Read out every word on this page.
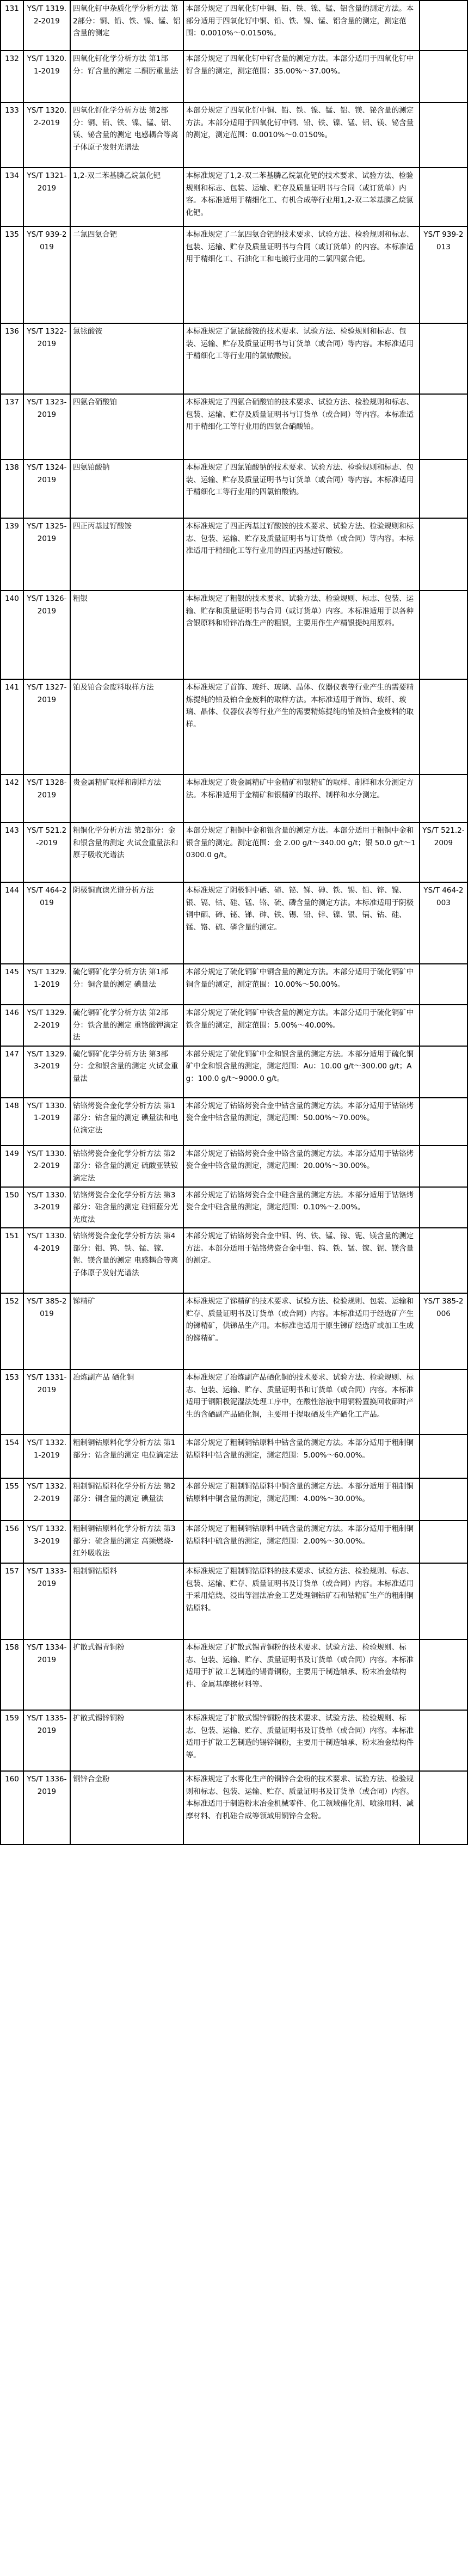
131	YS/T 1319.2-2019	四氧化钌中杂质化学分析方法 第2部分：铜、铅、铁、镍、锰、铝含量的测定	本部分规定了四氧化钌中铜、铅、铁、镍、锰、铝含量的测定方法。本部分适用于四氧化钌中铜、铅、铁、镍、锰、铝含量的测定，测定范围：0.0010%～0.0150%。	
132	YS/T 1320.1-2019	四氧化钌化学分析方法 第1部分：钌含量的测定 二酮肟重量法	本部分规定了四氧化钌中钌含量的测定方法。本部分适用于四氧化钌中钌含量的测定，测定范围：35.00%～37.00%。	
133	YS/T 1320.2-2019	四氧化钌化学分析方法 第2部分：铜、铅、铁、镍、锰、铝、镁、铋含量的测定 电感耦合等离子体原子发射光谱法	本部分规定了四氧化钌中铜、铅、铁、镍、锰、铝、镁、铋含量的测定方法。本部分适用于四氧化钌中铜、铅、铁、镍、锰、铝、镁、铋含量的测定，测定范围：0.0010%～0.0150%。	
134	YS/T 1321-2019	1,2-双二苯基膦乙烷氯化钯	本标准规定了1,2-双二苯基膦乙烷氯化钯的技术要求、试验方法、检验规则和标志、包装、运输、贮存及质量证明书与合同（或订货单）内容。本标准适用于精细化工、有机合成等行业用1,2-双二苯基膦乙烷氯化钯。	
135	YS/T 939-2019	二氯四氨合钯	本标准规定了二氯四氨合钯的技术要求、试验方法、检验规则和标志、包装、运输、贮存及质量证明书与合同（或订货单）的内容。本标准适用于精细化工、石油化工和电镀行业用的二氯四氨合钯。	YS/T 939-2013
136	YS/T 1322-2019	氯铱酸铵	本标准规定了氯铱酸铵的技术要求、试验方法、检验规则和标志、包装、运输、贮存及质量证明书与订货单（或合同）等内容。本标准适用于精细化工等行业用的氯铱酸铵。	
137	YS/T 1323-2019	四氨合硝酸铂	本标准规定了四氨合硝酸铂的技术要求、试验方法、检验规则和标志、包装、运输、贮存及质量证明书与订货单（或合同）等内容。本标准适用于精细化工等行业用的四氨合硝酸铂。	
138	YS/T 1324-2019	四氨铂酸钠	本标准规定了四氯铂酸钠的技术要求、试验方法、检验规则和标志、包装、运输、贮存及质量证明书与订货单（或合同）等内容。本标准适用于精细化工等行业用的四氯铂酸钠。	
139	YS/T 1325-2019	四正丙基过钌酸铵	本标准规定了四正丙基过钌酸铵的技术要求、试验方法、检验规则和标志、包装、运输、贮存及质量证明书与订货单（或合同）等内容。本标准适用于精细化工等行业用的四正丙基过钌酸铵。	
140	YS/T 1326-2019	粗银	本标准规定了粗银的技术要求、试验方法、检验规则、标志、包装、运输、贮存和质量证明书与合同（或订货单）内容。本标准适用于以各种含银原料和铅锌冶炼生产的粗银，主要用作生产精银提纯用原料。	
141	YS/T 1327-2019	铂及铂合金废料取样方法	本标准规定了首饰、玻纤、玻璃、晶体、仪器仪表等行业产生的需要精炼提纯的铂及铂合金废料的取样方法。本标准适用于首饰、玻纤、玻璃、晶体、仪器仪表等行业产生的需要精炼提纯的铂及铂合金废料的取样。	
142	YS/T 1328-2019	贵金属精矿取样和制样方法	本标准规定了贵金属精矿中金精矿和银精矿的取样、制样和水分测定方法。本标准适用于金精矿和银精矿的取样、制样和水分测定。	
143	YS/T 521.2-2019	粗铜化学分析方法 第2部分：金和银含量的测定 火试金重量法和原子吸收光谱法	本部分规定了粗铜中金和银含量的测定方法。本部分适用于粗铜中金和银含量的测定。测定范围：金 2.00 g/t～340.00 g/t；银 50.0 g/t～10300.0 g/t。	YS/T 521.2-2009
144	YS/T 464-2019	阴极铜直读光谱分析方法	本标准规定了阴极铜中硒、碲、铋、锑、砷、铁、锡、铅、锌、镍、银、镉、钴、硅、锰、铬、硫、磷含量的测定方法。本标准适用于阴极铜中硒、碲、铋、锑、砷、铁、锡、铅、锌、镍、银、镉、钴、硅、锰、铬、硫、磷含量的测定。	YS/T 464-2003
145	YS/T 1329.1-2019	硫化铜矿化学分析方法 第1部分：铜含量的测定 碘量法	本部分规定了硫化铜矿中铜含量的测定方法。本部分适用于硫化铜矿中铜含量的测定，测定范围：10.00%～50.00%。	
146	YS/T 1329.2-2019	硫化铜矿化学分析方法 第2部分：铁含量的测定 重铬酸钾滴定法	本部分规定了硫化铜矿中铁含量的测定方法。本部分适用于硫化铜矿中铁含量的测定，测定范围：5.00%～40.00%。	
147	YS/T 1329.3-2019	硫化铜矿化学分析方法 第3部分：金和银含量的测定 火试金重量法	本部分规定了硫化铜矿中金和银含量的测定方法。本部分适用于硫化铜矿中金和银含量的测定，测定范围：Au：10.00 g/t～300.00 g/t；Ag：100.0 g/t～9000.0 g/t。	
148	YS/T 1330.1-2019	钴铬烤瓷合金化学分析方法 第1部分：钴含量的测定 碘量法和电位滴定法	本部分规定了钴铬烤瓷合金中钴含量的测定方法。本部分适用于钴铬烤瓷合金中钴含量的测定，测定范围：50.00%～70.00%。	
149	YS/T 1330.2-2019	钴铬烤瓷合金化学分析方法 第2部分：铬含量的测定 硫酸亚铁铵滴定法	本部分规定了钴铬烤瓷合金中铬含量的测定方法。本部分适用于钴铬烤瓷合金中铬含量的测定，测定范围：20.00%～30.00%。	
150	YS/T 1330.3-2019	钴铬烤瓷合金化学分析方法 第3部分：硅含量的测定 硅钼蓝分光光度法	本部分规定了钴铬烤瓷合金中硅含量的测定方法。本部分适用于钴铬烤瓷合金中硅含量的测定，测定范围：0.10%～2.00%。	
151	YS/T 1330.4-2019	钴铬烤瓷合金化学分析方法 第4部分：钼、钨、铁、锰、镓、铌、镁含量的测定 电感耦合等离子体原子发射光谱法	本部分规定了钴铬烤瓷合金中钼、钨、铁、锰、镓、铌、镁含量的测定方法。本部分适用于钴铬烤瓷合金中钼、钨、铁、锰、镓、铌、镁含量的测定。	
152	YS/T 385-2019	锑精矿	本标准规定了锑精矿的技术要求、试验方法、检验规则、包装、运输和贮存、质量证明书及订货单（或合同）内容。本标准适用于经选矿产生的锑精矿，供锑品生产用。本标准也适用于原生锑矿经选矿或加工生成的锑精矿。	YS/T 385-2006
153	YS/T 1331-2019	冶炼副产品 硒化铜	本标准规定了冶炼副产品硒化铜的技术要求、试验方法、检验规则、标志、包装、运输、贮存、质量证明书和订货单（或合同）内容。本标准适用于铜阳极泥湿法处理工序中，在酸性溶液中用铜粉置换回收硒时产生的含硒副产品硒化铜，主要用于提取硒及生产硒化工产品。	
154	YS/T 1332.1-2019	粗制铜钴原料化学分析方法 第1部分：钴含量的测定 电位滴定法	本部分规定了粗制铜钴原料中钴含量的测定方法。本部分适用于粗制铜钴原料中钴含量的测定，测定范围：5.00%～60.00%。	
155	YS/T 1332.2-2019	粗制铜钴原料化学分析方法 第2部分：铜含量的测定 碘量法	本部分规定了粗制铜钴原料中铜含量的测定方法。本部分适用于粗制铜钴原料中铜含量的测定，测定范围：4.00%～30.00%。	
156	YS/T 1332.3-2019	粗制铜钴原料化学分析方法 第3部分：硫含量的测定 高频燃烧-红外吸收法	本部分规定了粗制铜钴原料中硫含量的测定方法。本部分适用于粗制铜钴原料中硫含量的测定，测定范围：2.00%～30.00%。	
157	YS/T 1333-2019	粗制铜钴原料	本标准规定了粗制铜钴原料的技术要求、试验方法、检验规则、标志、包装、运输、贮存、质量证明书及订货单（或合同）内容。本标准适用于采用焙烧、浸出等湿法冶金工艺处理铜钴矿石和钴精矿生产的粗制铜钴原料。	
158	YS/T 1334-2019	扩散式锡青铜粉	本标准规定了扩散式锡青铜粉的技术要求、试验方法、检验规则、标志、包装、运输、贮存、质量证明书及订货单（或合同）内容。本标准适用于扩散工艺制造的锡青铜粉，主要用于制造轴承、粉末冶金结构件、金属基摩擦材料等。	
159	YS/T 1335-2019	扩散式锡锌铜粉	本标准规定了扩散式锡锌铜粉的技术要求、试验方法、检验规则、标志、包装、运输、贮存、质量证明书及订货单（或合同）内容。本标准适用于扩散工艺制造的锡锌铜粉，主要用于制造轴承、粉末冶金结构件等。	
160	YS/T 1336-2019	铜锌合金粉	本标准规定了水雾化生产的铜锌合金粉的技术要求、试验方法、检验规则和标志、包装、运输、贮存、质量证明书及订货单（或合同）内容。本标准适用于制造粉末冶金机械零件、化工领域催化剂、喷涂用料、减摩材料、有机硅合成等领域用铜锌合金粉。	
